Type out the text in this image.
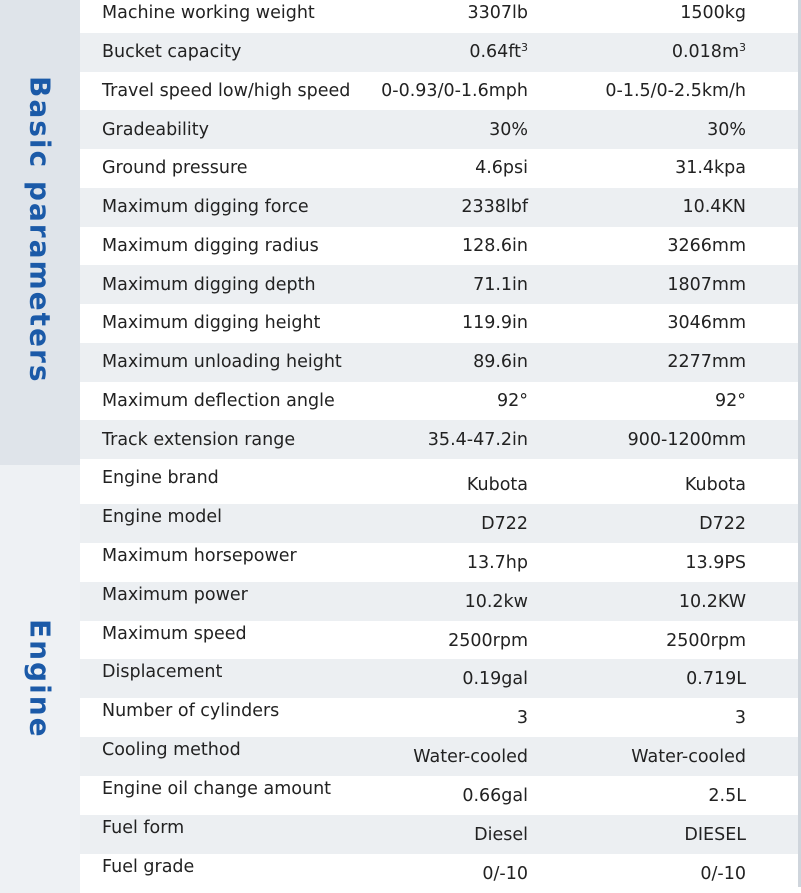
Basic parameters
Machine working weight	3307lb	1500kg
Bucket capacity	$0.64ft^3$	$0.018m^3$
Travel speed low/high speed 0-0.93/0-1.6mph	0-1.5/0-2.5km/h
Gradeability	30%	30%
Ground pressure	4.6psi	31.4kpa
Maximum digging force	2338lbf	10.4KN
Maximum digging radius	128.6in	3266mm
Maximum digging depth	71.1in	1807mm
Maximum digging height	119.9in	3046mm
Maximum unloading height	89.6in	2277mm
Maximum deflection angle	92°	92°
Track extension range	35.4-47.2in	900-1200mm
Engine
Engine brand	Kubota	Kubota
Engine model	D722	D722
Maximum horsepower	13.7hp	13.9PS
Maximum power	10.2kw	10.2KW
Maximum speed	2500rpm	2500rpm
Displacement	0.19gal	0.719L
Number of cylinders	3	3
Cooling method	Water-cooled	Water-cooled
Engine oil change amount	0.66gal	2.5L
Fuel form	Diesel	DIESEL
Fuel grade	0/-10	0/-10
